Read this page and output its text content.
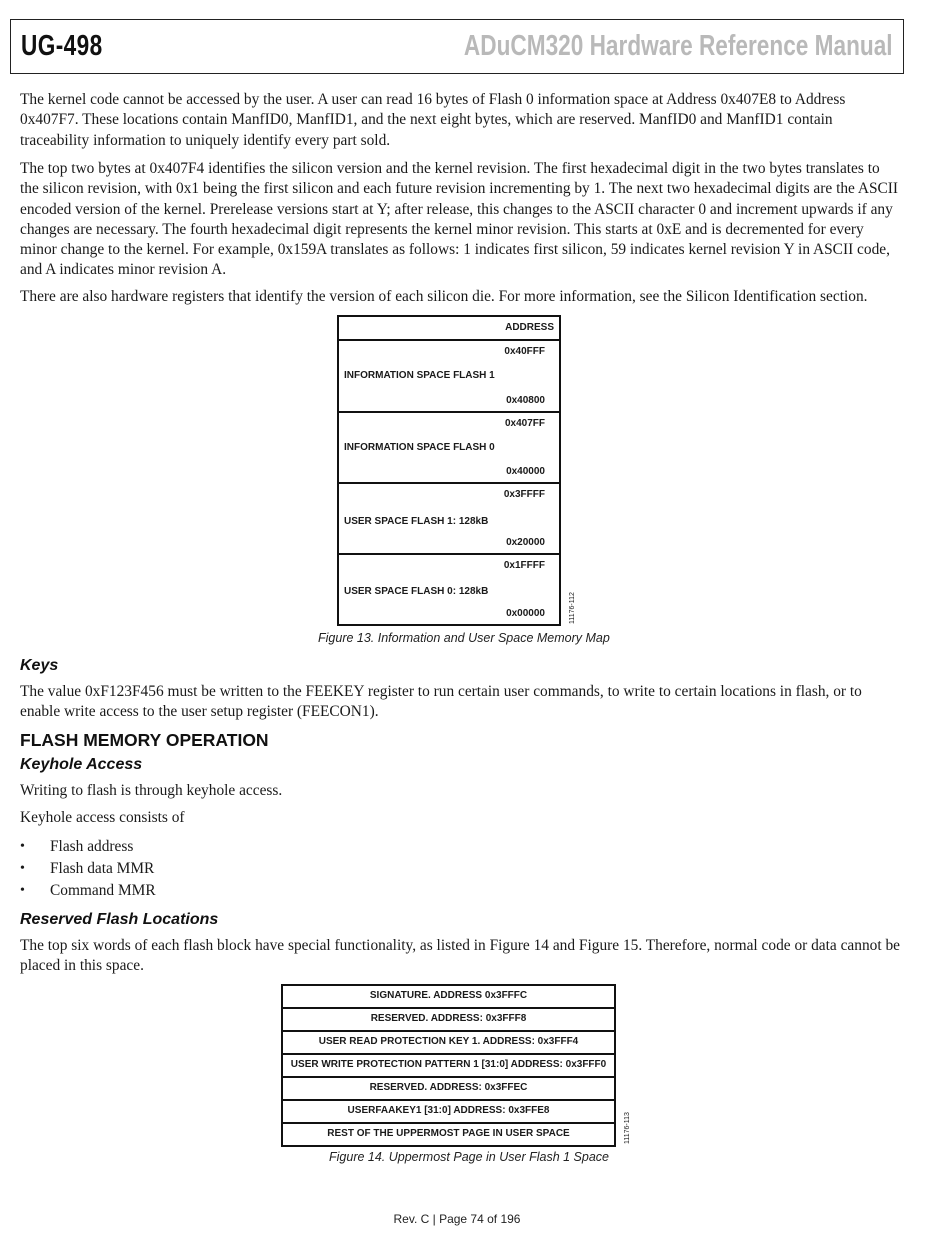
UG-498	ADuCM320 Hardware Reference Manual

The kernel code cannot be accessed by the user. A user can read 16 bytes of Flash 0 information space at Address 0x407E8 to Address 0x407F7. These locations contain ManfID0, ManfID1, and the next eight bytes, which are reserved. ManfID0 and ManfID1 contain traceability information to uniquely identify every part sold.

The top two bytes at 0x407F4 identifies the silicon version and the kernel revision. The first hexadecimal digit in the two bytes translates to the silicon revision, with 0x1 being the first silicon and each future revision incrementing by 1. The next two hexadecimal digits are the ASCII encoded version of the kernel. Prerelease versions start at Y; after release, this changes to the ASCII character 0 and increment upwards if any changes are necessary. The fourth hexadecimal digit represents the kernel minor revision. This starts at 0xE and is decremented for every minor change to the kernel. For example, 0x159A translates as follows: 1 indicates first silicon, 59 indicates kernel revision Y in ASCII code, and A indicates minor revision A.

There are also hardware registers that identify the version of each silicon die. For more information, see the Silicon Identification section.

ADDRESS
0x40FFF
INFORMATION SPACE FLASH 1
0x40800
0x407FF
INFORMATION SPACE FLASH 0
0x40000
0x3FFFF
USER SPACE FLASH 1: 128kB
0x20000
0x1FFFF
USER SPACE FLASH 0: 128kB
0x00000	11176-112
Figure 13. Information and User Space Memory Map
Keys

The value 0xF123F456 must be written to the FEEKEY register to run certain user commands, to write to certain locations in flash, or to enable write access to the user setup register (FEECON1).

FLASH MEMORY OPERATION
Keyhole Access

Writing to flash is through keyhole access.

Keyhole access consists of

• Flash address
• Flash data MMR
• Command MMR
Reserved Flash Locations

The top six words of each flash block have special functionality, as listed in Figure 14 and Figure 15. Therefore, normal code or data cannot be placed in this space.

SIGNATURE. ADDRESS 0x3FFFC
RESERVED. ADDRESS: 0x3FFF8
USER READ PROTECTION KEY 1. ADDRESS: 0x3FFF4
USER WRITE PROTECTION PATTERN 1 [31:0] ADDRESS: 0x3FFF0
RESERVED. ADDRESS: 0x3FFEC
USERFAAKEY1 [31:0] ADDRESS: 0x3FFE8
REST OF THE UPPERMOST PAGE IN USER SPACE	11176-113
Figure 14. Uppermost Page in User Flash 1 Space
Rev. C | Page 74 of 196
